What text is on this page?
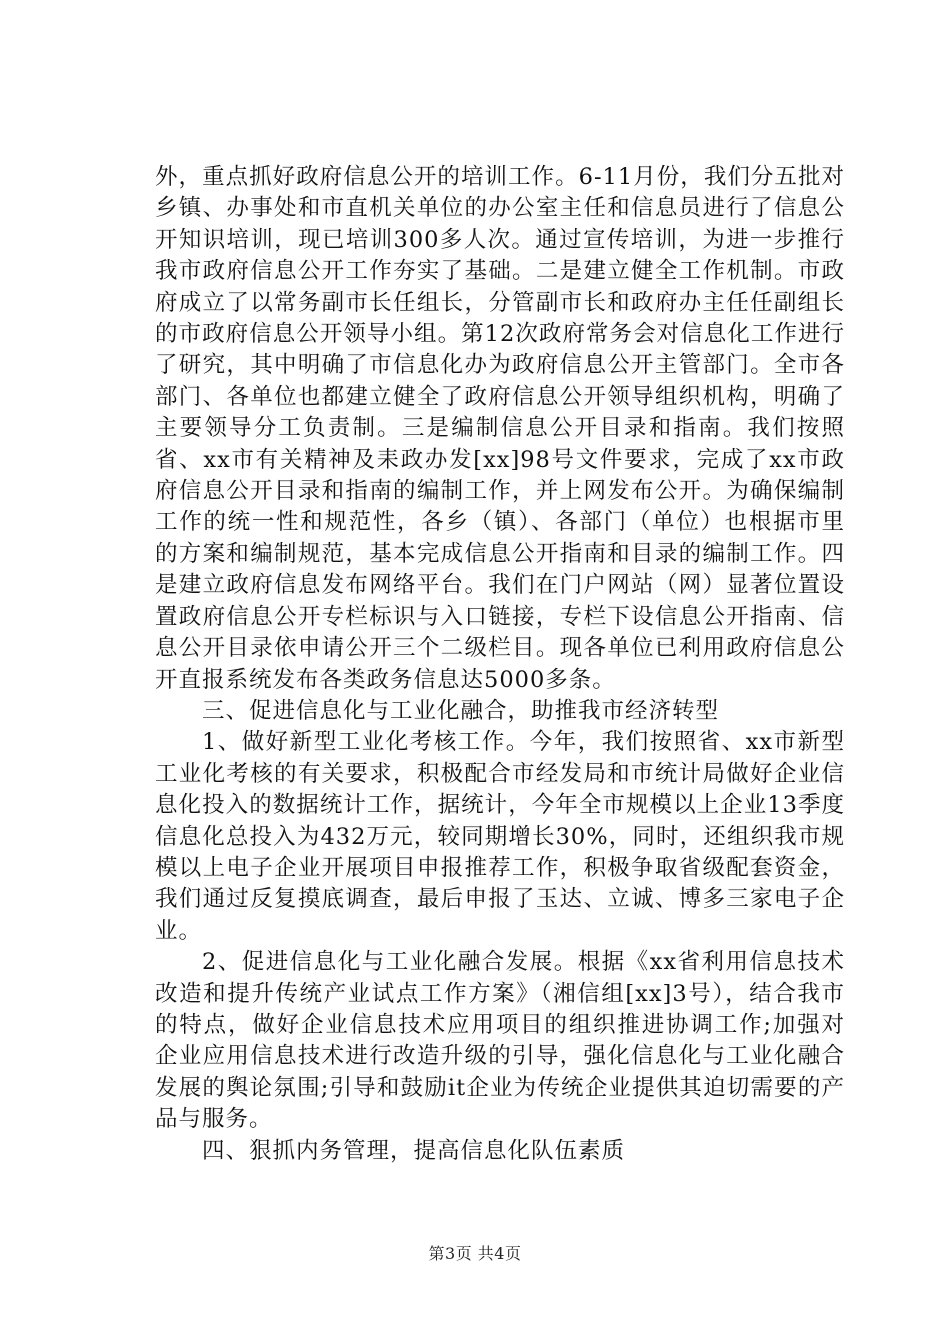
外，重点抓好政府信息公开的培训工作。6-11月份，我们分五批对乡镇、办事处和市直机关单位的办公室主任和信息员进行了信息公开知识培训，现已培训300多人次。通过宣传培训，为进一步推行我市政府信息公开工作夯实了基础。二是建立健全工作机制。市政府成立了以常务副市长任组长，分管副市长和政府办主任任副组长的市政府信息公开领导小组。第12次政府常务会对信息化工作进行了研究，其中明确了市信息化办为政府信息公开主管部门。全市各部门、各单位也都建立健全了政府信息公开领导组织机构，明确了主要领导分工负责制。三是编制信息公开目录和指南。我们按照省、xx市有关精神及耒政办发[xx]98号文件要求，完成了xx市政府信息公开目录和指南的编制工作，并上网发布公开。为确保编制工作的统一性和规范性，各乡（镇）、各部门（单位）也根据市里的方案和编制规范，基本完成信息公开指南和目录的编制工作。四是建立政府信息发布网络平台。我们在门户网站（网）显著位置设置政府信息公开专栏标识与入口链接，专栏下设信息公开指南、信息公开目录依申请公开三个二级栏目。现各单位已利用政府信息公开直报系统发布各类政务信息达5000多条。

三、促进信息化与工业化融合，助推我市经济转型

1、做好新型工业化考核工作。今年，我们按照省、xx市新型工业化考核的有关要求，积极配合市经发局和市统计局做好企业信息化投入的数据统计工作，据统计，今年全市规模以上企业13季度信息化总投入为432万元，较同期增长30%，同时，还组织我市规模以上电子企业开展项目申报推荐工作，积极争取省级配套资金，我们通过反复摸底调查，最后申报了玉达、立诚、博多三家电子企业。

2、促进信息化与工业化融合发展。根据《xx省利用信息技术改造和提升传统产业试点工作方案》（湘信组[xx]3号），结合我市的特点，做好企业信息技术应用项目的组织推进协调工作;加强对企业应用信息技术进行改造升级的引导，强化信息化与工业化融合发展的舆论氛围;引导和鼓励it企业为传统企业提供其迫切需要的产品与服务。

四、狠抓内务管理，提高信息化队伍素质

第3页 共4页
